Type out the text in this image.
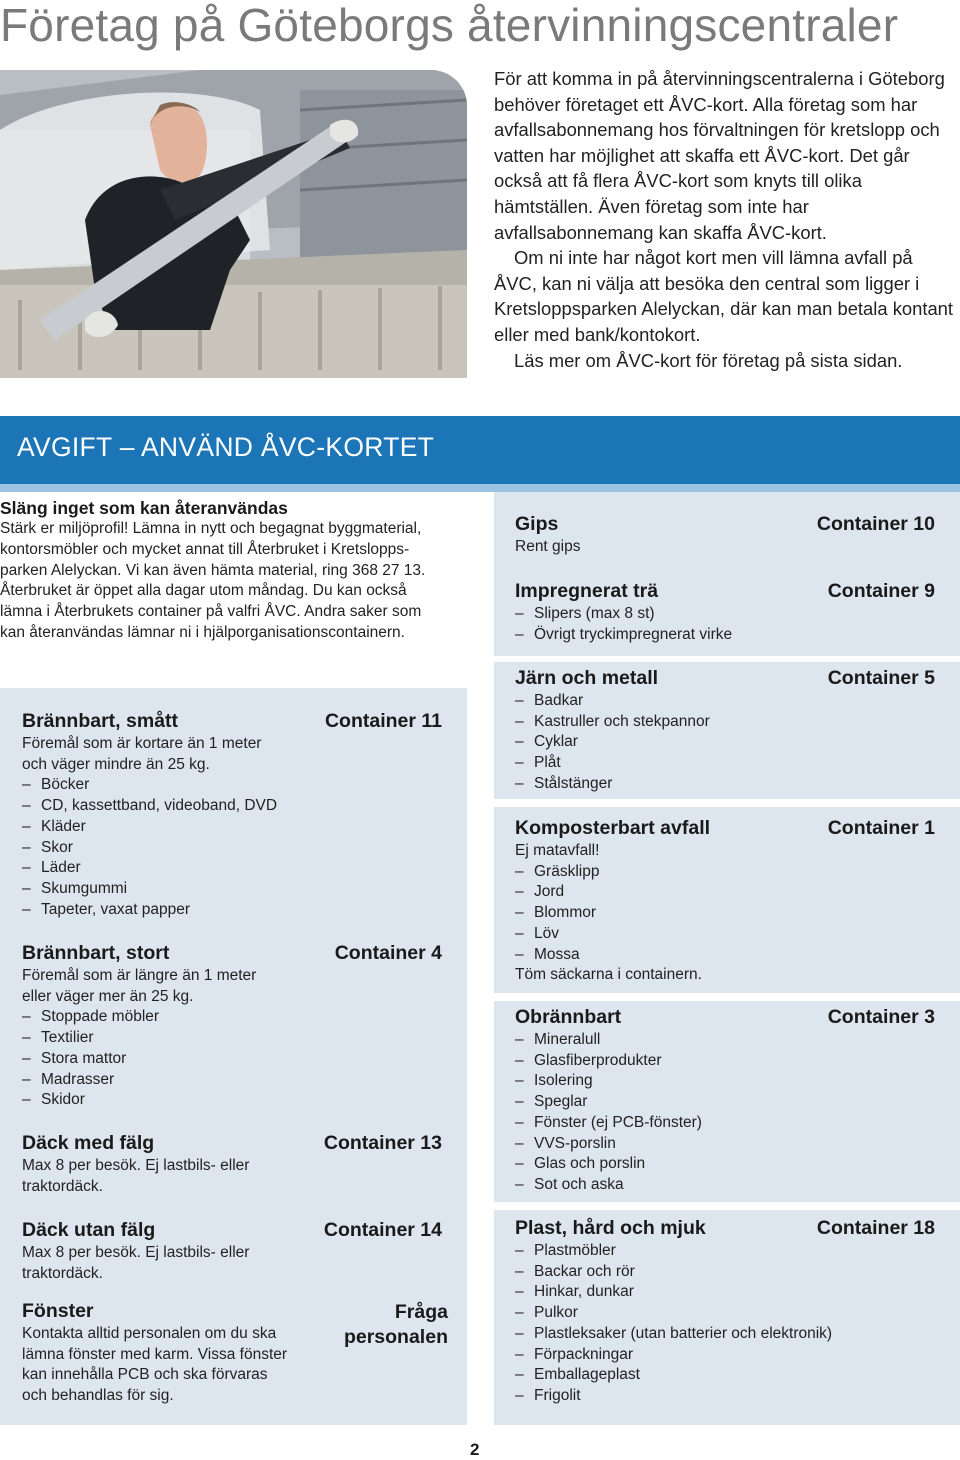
Företag på Göteborgs återvinningscentraler

För att komma in på återvinningscentralerna i Göteborg behöver företaget ett ÅVC-kort. Alla företag som har avfallsabonnemang hos förvaltningen för kretslopp och vatten har möjlighet att skaffa ett ÅVC-kort. Det går också att få flera ÅVC-kort som knyts till olika hämtställen. Även företag som inte har avfallsabonnemang kan skaffa ÅVC-kort.

Om ni inte har något kort men vill lämna avfall på ÅVC, kan ni välja att besöka den central som ligger i Kretsloppsparken Alelyckan, där kan man betala kontant eller med bank/kontokort.

Läs mer om ÅVC-kort för företag på sista sidan.

AVGIFT – ANVÄND ÅVC-KORTET
Släng inget som kan återanvändas
Stärk er miljöprofil! Lämna in nytt och begagnat byggmaterial,
kontorsmöbler och mycket annat till Återbruket i Kretslopps-
parken Alelyckan. Vi kan även hämta material, ring 368 27 13.
Återbruket är öppet alla dagar utom måndag. Du kan också
lämna i Återbrukets container på valfri ÅVC. Andra saker som
kan återanvändas lämnar ni i hjälporganisationscontainern.
Brännbart, smått	Container 11
Föremål som är kortare än 1 meter
och väger mindre än 25 kg.
– Böcker
– CD, kassettband, videoband, DVD
– Kläder
– Skor
– Läder
– Skumgummi
– Tapeter, vaxat papper
Brännbart, stort	Container 4
Föremål som är längre än 1 meter
eller väger mer än 25 kg.
– Stoppade möbler
– Textilier
– Stora mattor
– Madrasser
– Skidor
Däck med fälg	Container 13
Max 8 per besök. Ej lastbils- eller
traktordäck.
Däck utan fälg	Container 14
Max 8 per besök. Ej lastbils- eller
traktordäck.
Fönster	Fråga
personalen
Kontakta alltid personalen om du ska
lämna fönster med karm. Vissa fönster
kan innehålla PCB och ska förvaras
och behandlas för sig.
Gips	Container 10
Rent gips
Impregnerat trä	Container 9
– Slipers (max 8 st)
– Övrigt tryckimpregnerat virke
Järn och metall	Container 5
– Badkar
– Kastruller och stekpannor
– Cyklar
– Plåt
– Stålstänger
Komposterbart avfall	Container 1
Ej matavfall!
– Gräsklipp
– Jord
– Blommor
– Löv
– Mossa
Töm säckarna i containern.
Obrännbart	Container 3
– Mineralull
– Glasfiberprodukter
– Isolering
– Speglar
– Fönster (ej PCB-fönster)
– VVS-porslin
– Glas och porslin
– Sot och aska
Plast, hård och mjuk	Container 18
– Plastmöbler
– Backar och rör
– Hinkar, dunkar
– Pulkor
– Plastleksaker (utan batterier och elektronik)
– Förpackningar
– Emballageplast
– Frigolit
2
